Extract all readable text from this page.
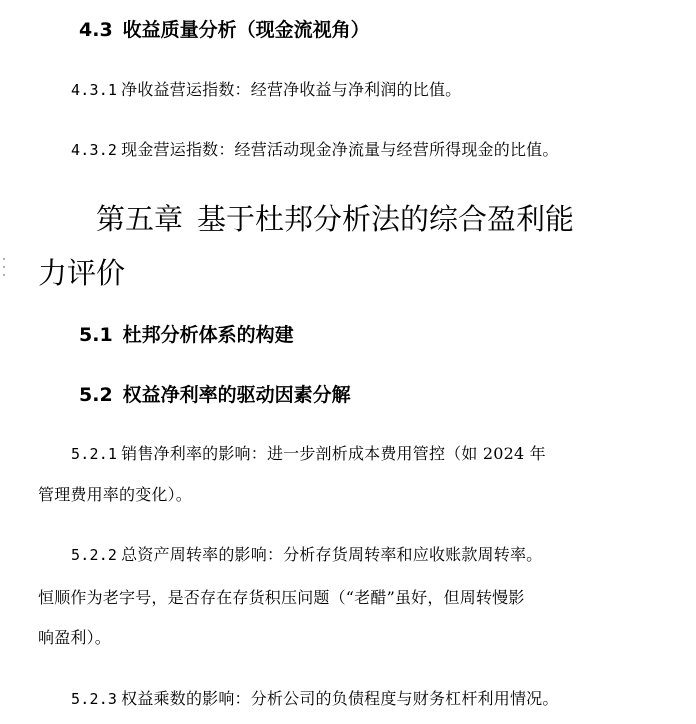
4.3 收益质量分析（现金流视角）
4.3.1 净收益营运指数：经营净收益与净利润的比值。
4.3.2 现金营运指数：经营活动现金净流量与经营所得现金的比值。
第五章 基于杜邦分析法的综合盈利能
力评价
5.1 杜邦分析体系的构建
5.2 权益净利率的驱动因素分解
5.2.1 销售净利率的影响：进一步剖析成本费用管控（如 2024 年
管理费用率的变化）。
5.2.2 总资产周转率的影响：分析存货周转率和应收账款周转率。
恒顺作为老字号，是否存在存货积压问题（“老醋”虽好，但周转慢影
响盈利）。
5.2.3 权益乘数的影响：分析公司的负债程度与财务杠杆利用情况。
